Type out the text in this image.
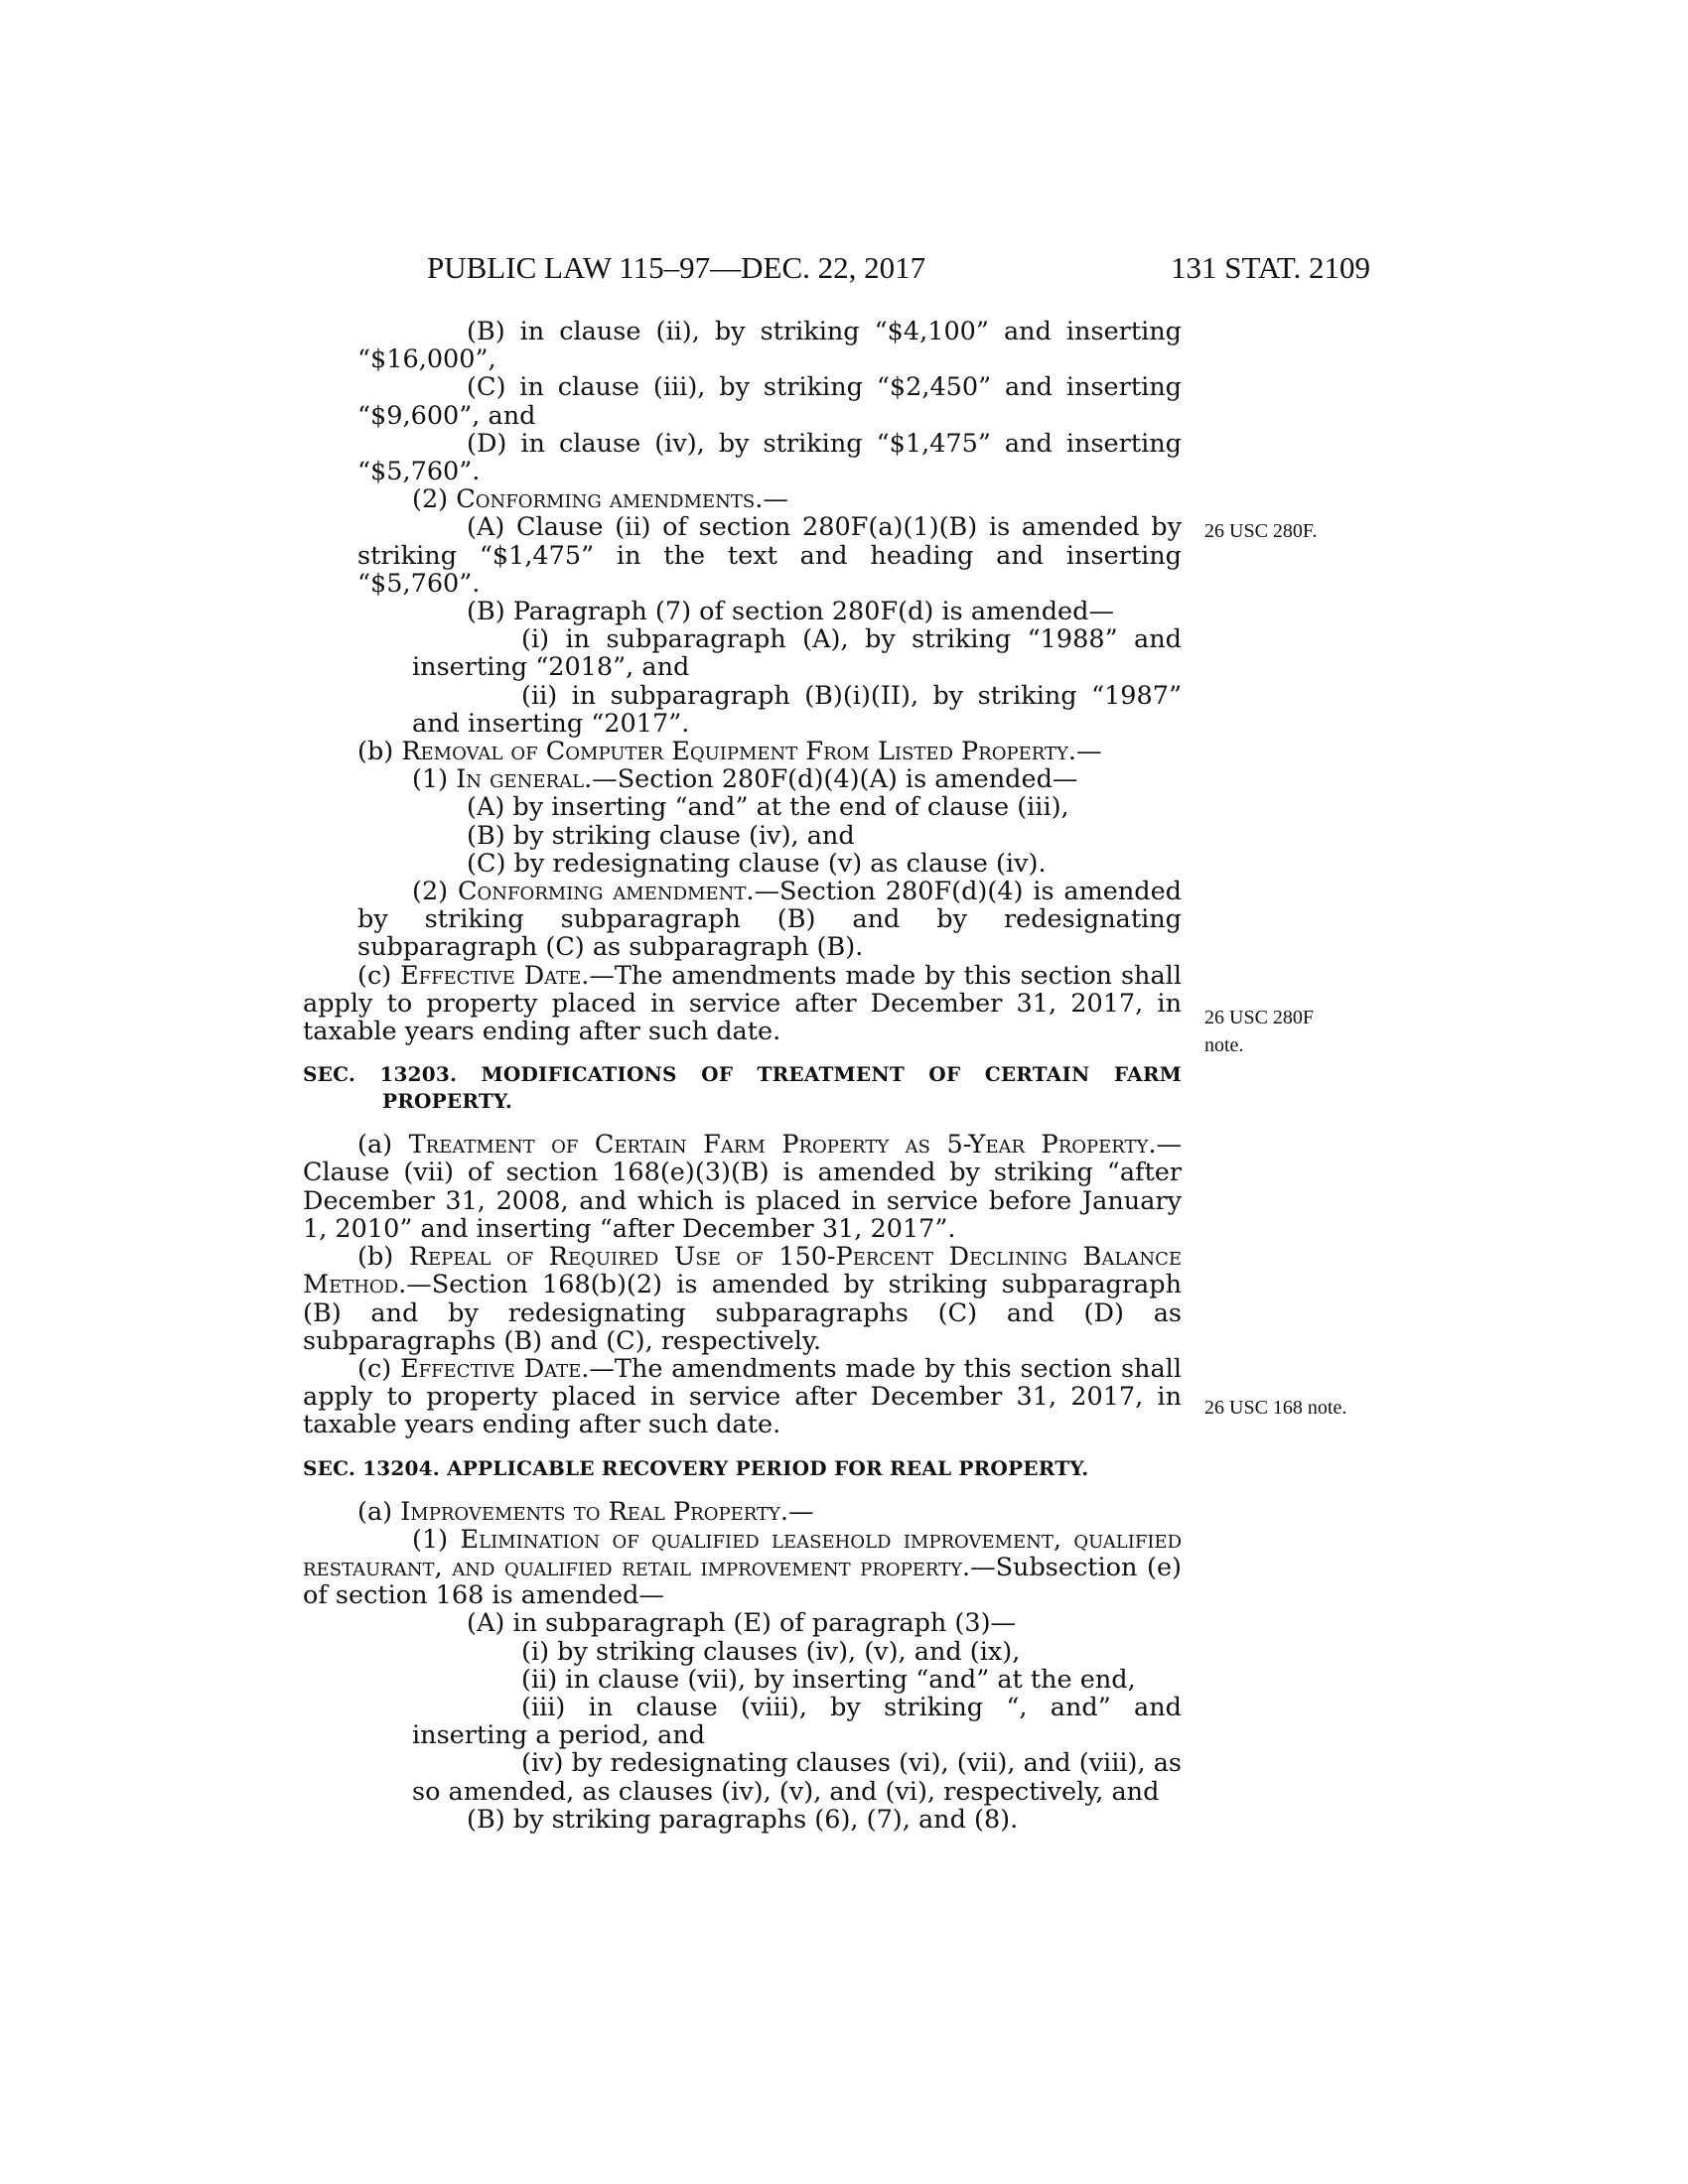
PUBLIC LAW 115–97—DEC. 22, 2017	131 STAT. 2109
26 USC 280F.
26 USC 280F
note.
26 USC 168 note.
(B) in clause (ii), by striking “$4,100” and inserting “$16,000”,
(C) in clause (iii), by striking “$2,450” and inserting “$9,600”, and
(D) in clause (iv), by striking “$1,475” and inserting “$5,760”.
(2) Conforming amendments.—
(A) Clause (ii) of section 280F(a)(1)(B) is amended by striking “$1,475” in the text and heading and inserting “$5,760”.
(B) Paragraph (7) of section 280F(d) is amended—
(i) in subparagraph (A), by striking “1988” and inserting “2018”, and
(ii) in subparagraph (B)(i)(II), by striking “1987” and inserting “2017”.
(b) Removal of Computer Equipment From Listed Property.—
(1) In general.—Section 280F(d)(4)(A) is amended—
(A) by inserting “and” at the end of clause (iii),
(B) by striking clause (iv), and
(C) by redesignating clause (v) as clause (iv).
(2) Conforming amendment.—Section 280F(d)(4) is amended by striking subparagraph (B) and by redesignating subparagraph (C) as subparagraph (B).
(c) Effective Date.—The amendments made by this section shall apply to property placed in service after December 31, 2017, in taxable years ending after such date.
SEC. 13203. MODIFICATIONS OF TREATMENT OF CERTAIN FARM PROPERTY.
(a) Treatment of Certain Farm Property as 5-Year Property.—Clause (vii) of section 168(e)(3)(B) is amended by striking “after December 31, 2008, and which is placed in service before January 1, 2010” and inserting “after December 31, 2017”.
(b) Repeal of Required Use of 150-Percent Declining Balance Method.—Section 168(b)(2) is amended by striking subparagraph (B) and by redesignating subparagraphs (C) and (D) as subparagraphs (B) and (C), respectively.
(c) Effective Date.—The amendments made by this section shall apply to property placed in service after December 31, 2017, in taxable years ending after such date.
SEC. 13204. APPLICABLE RECOVERY PERIOD FOR REAL PROPERTY.
(a) Improvements to Real Property.—
(1) Elimination of qualified leasehold improvement, qualified restaurant, and qualified retail improvement property.—Subsection (e) of section 168 is amended—
(A) in subparagraph (E) of paragraph (3)—
(i) by striking clauses (iv), (v), and (ix),
(ii) in clause (vii), by inserting “and” at the end,
(iii) in clause (viii), by striking “, and” and inserting a period, and
(iv) by redesignating clauses (vi), (vii), and (viii), as so amended, as clauses (iv), (v), and (vi), respectively, and
(B) by striking paragraphs (6), (7), and (8).
